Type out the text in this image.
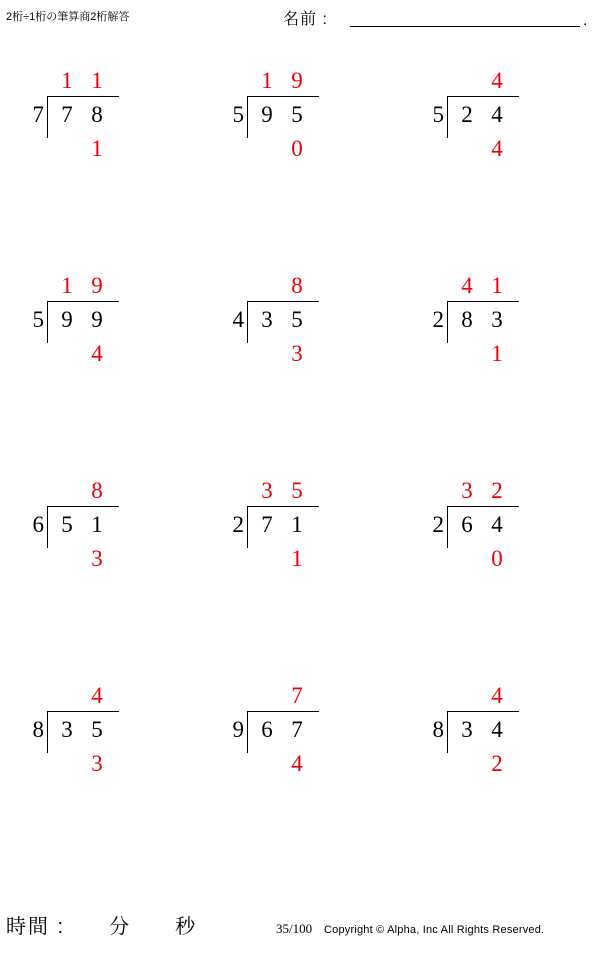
2桁÷1桁の筆算商2桁解答	名前 :	.
7
1 1
7 8
1
5
1 9
9 5
0
5
4
2 4
4
5
1 9
9 9
4
4
8
3 5
3
2
4 1
8 3
1
6
8
5 1
3
2
3 5
7 1
1
2
3 2
6 4
0
8
4
3 5
3
9
7
6 7
4
8
4
3 4
2
時間 :　　分　　秒	35/100 Copyright © Alpha, Inc All Rights Reserved.
